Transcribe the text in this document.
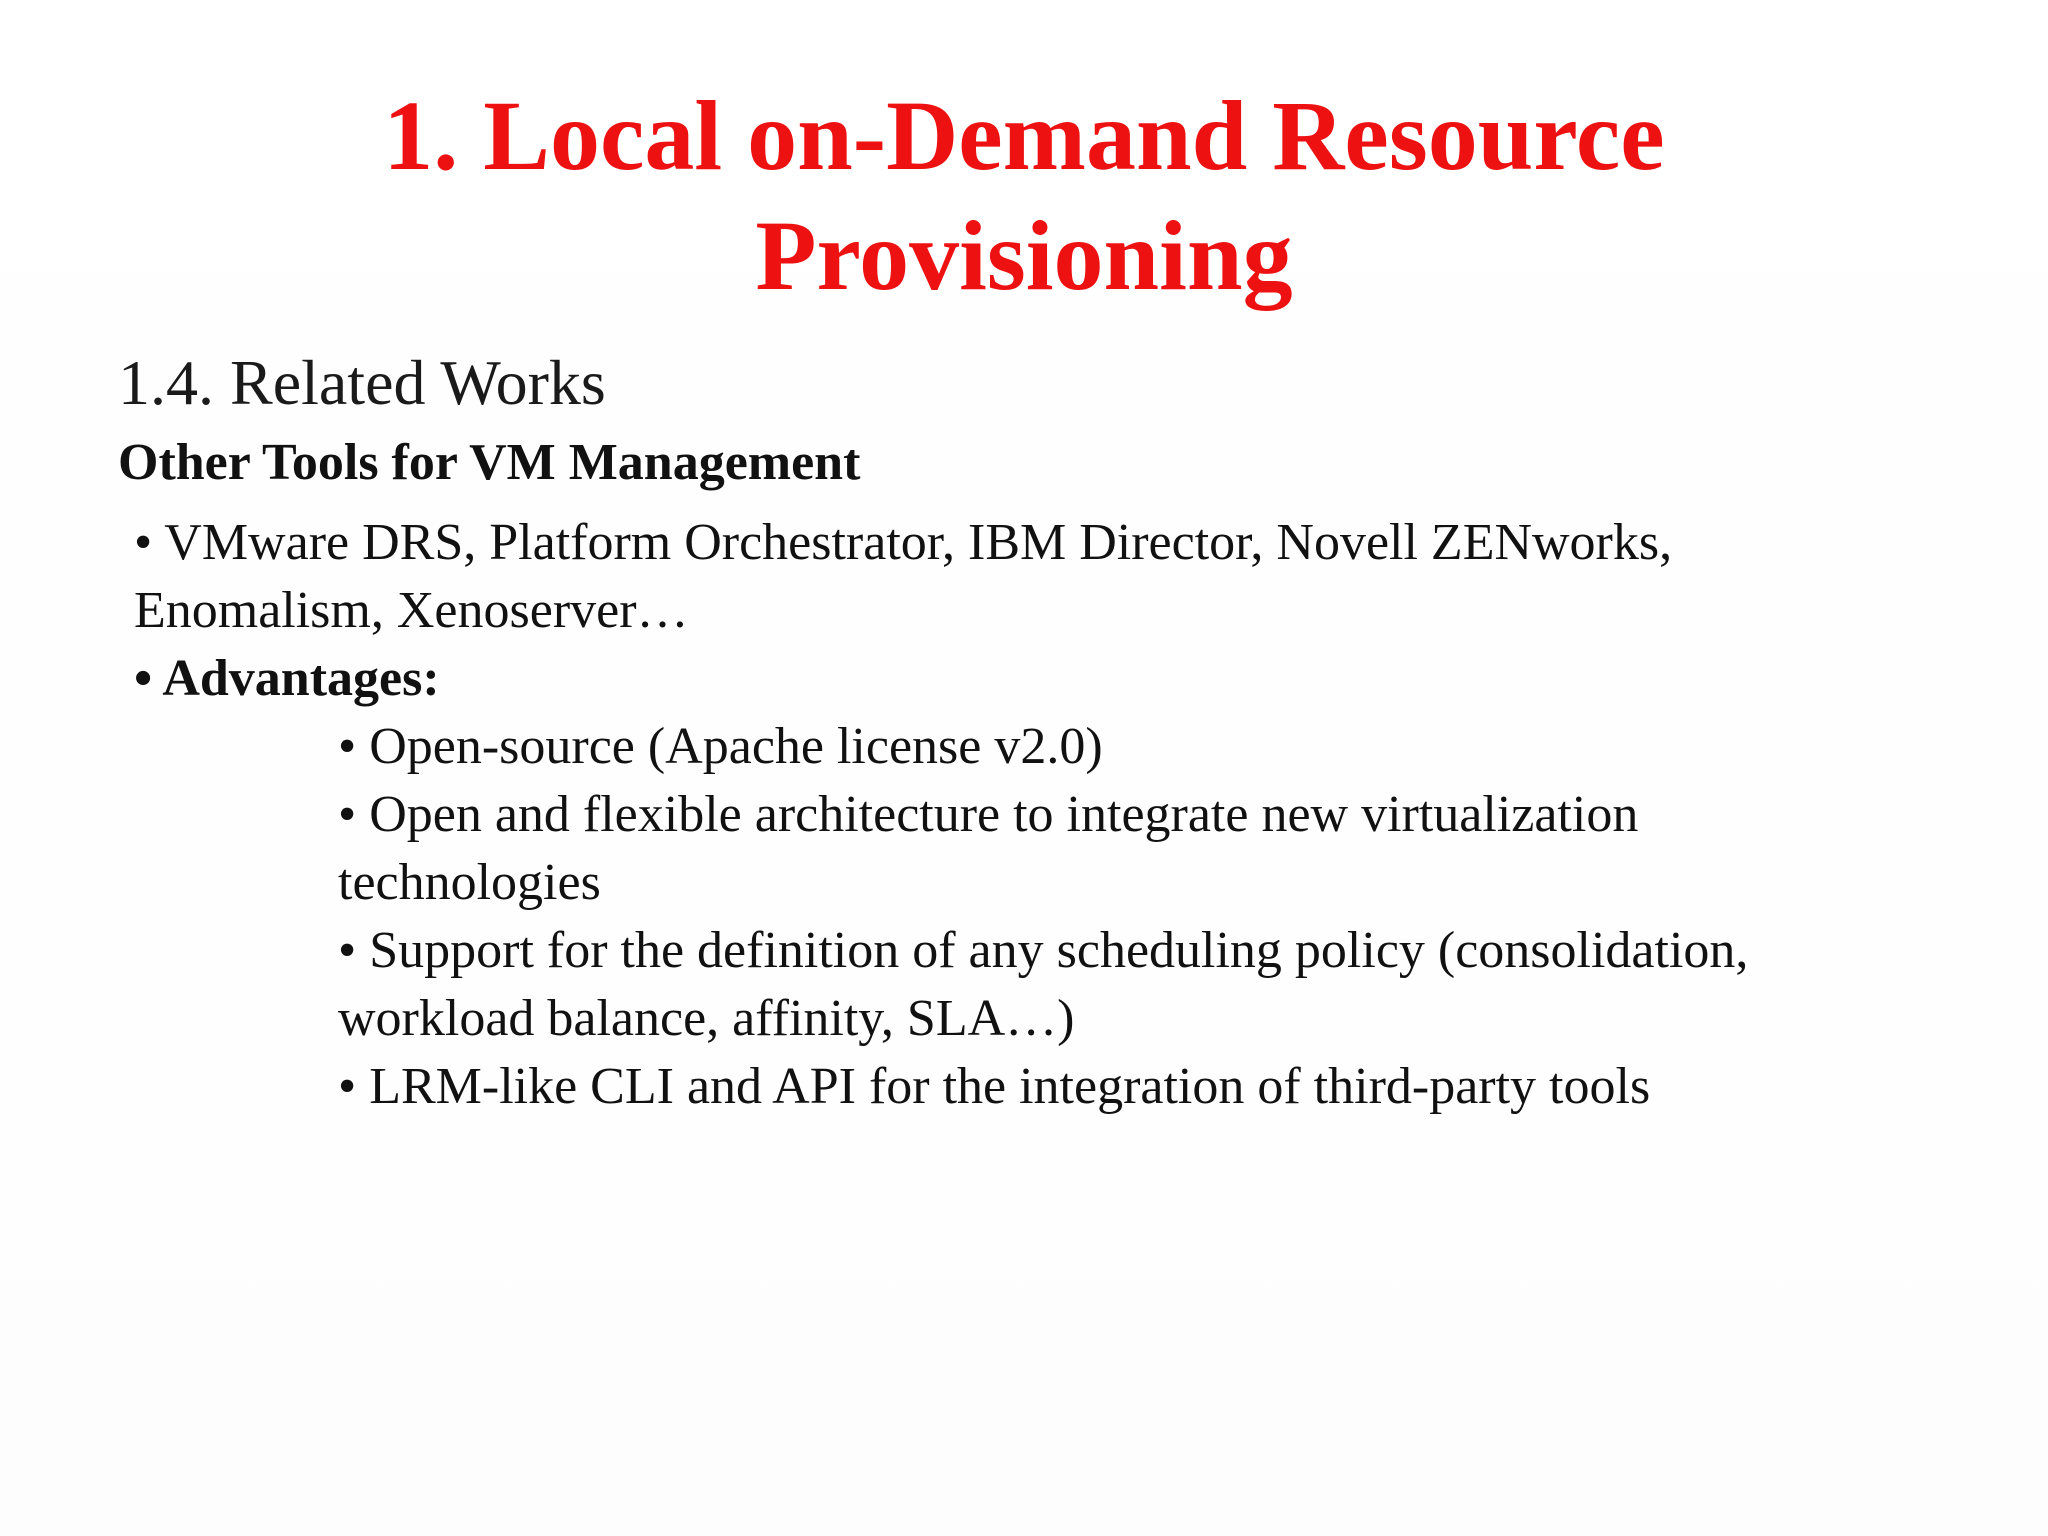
1. Local on-Demand Resource
Provisioning
1.4. Related Works
Other Tools for VM Management
• VMware DRS, Platform Orchestrator, IBM Director, Novell ZENworks,
Enomalism, Xenoserver…
• Advantages:
• Open-source (Apache license v2.0)
• Open and flexible architecture to integrate new virtualization
technologies
• Support for the definition of any scheduling policy (consolidation,
workload balance, affinity, SLA…)
• LRM-like CLI and API for the integration of third-party tools
